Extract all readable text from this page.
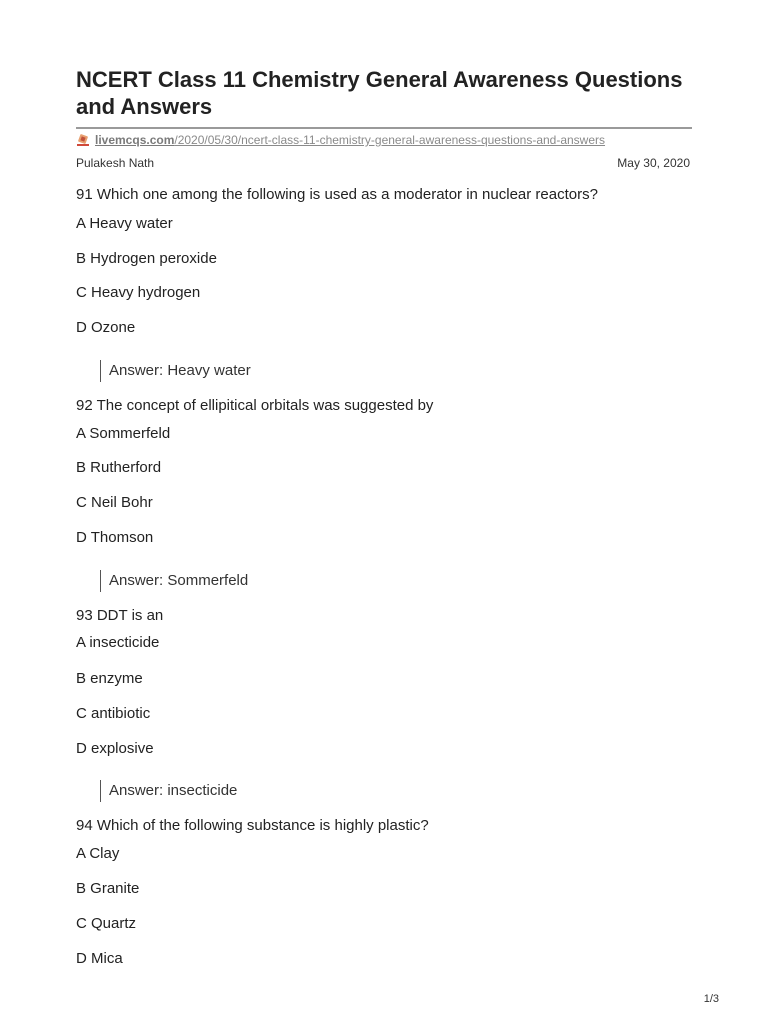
NCERT Class 11 Chemistry General Awareness Questions and Answers
livemcqs.com /2020/05/30/ncert-class-11-chemistry-general-awareness-questions-and-answers
Pulakesh Nath	May 30, 2020
91 Which one among the following is used as a moderator in nuclear reactors?
A Heavy water
B Hydrogen peroxide
C Heavy hydrogen
D Ozone
Answer: Heavy water
92 The concept of ellipitical orbitals was suggested by
A Sommerfeld
B Rutherford
C Neil Bohr
D Thomson
Answer: Sommerfeld
93 DDT is an
A insecticide
B enzyme
C antibiotic
D explosive
Answer: insecticide
94 Which of the following substance is highly plastic?
A Clay
B Granite
C Quartz
D Mica
1/3
